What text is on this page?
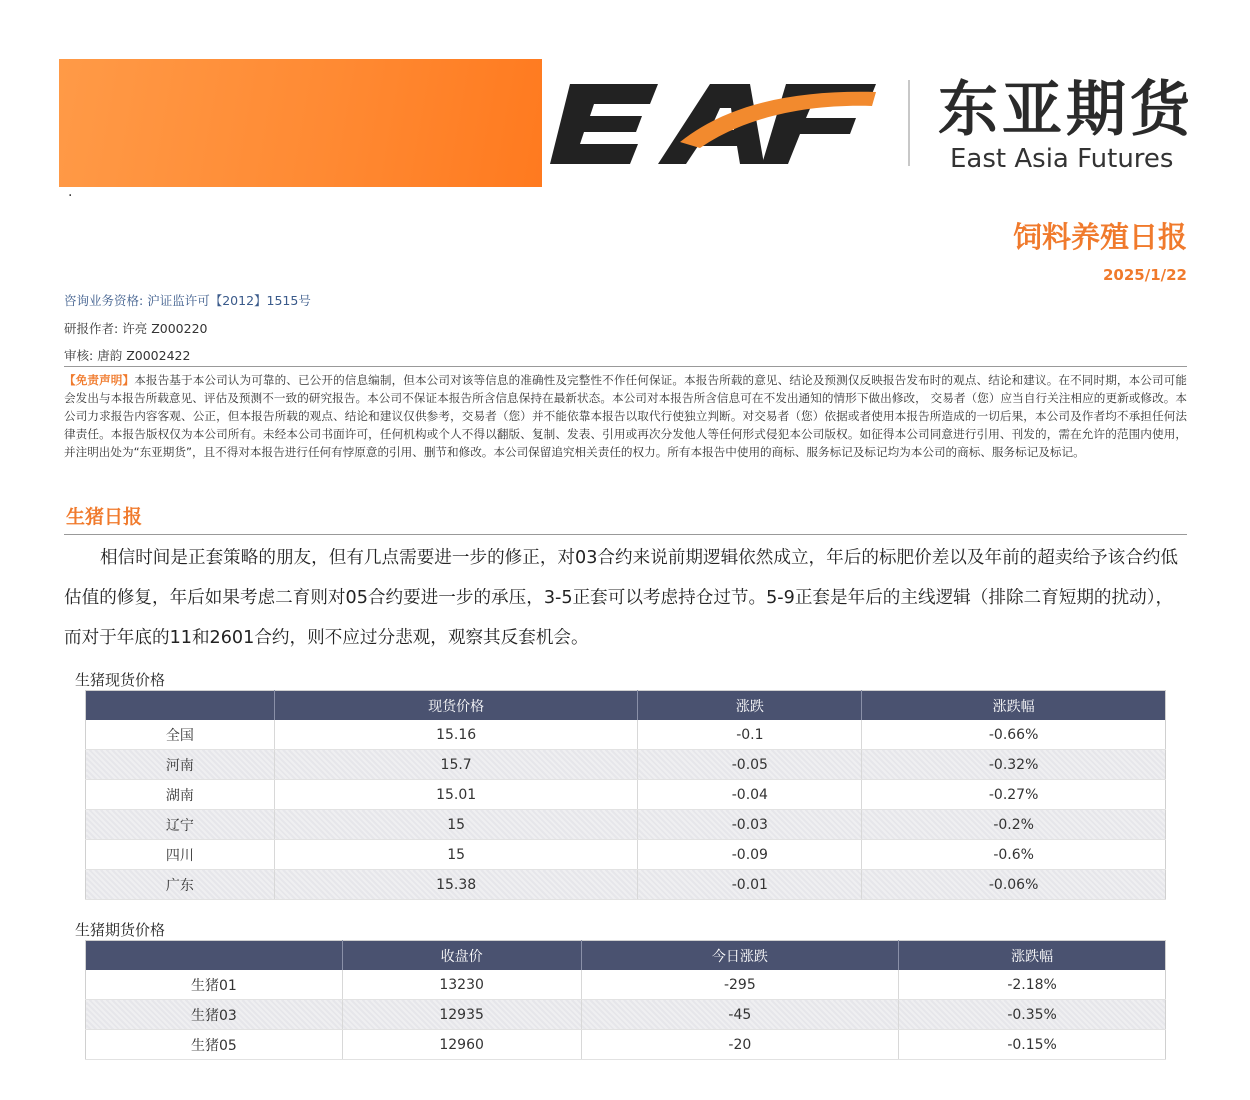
东亚期货
East Asia Futures
·
饲料养殖日报
2025/1/22
咨询业务资格: 沪证监许可【2012】1515号
研报作者: 许亮 Z000220
审核: 唐韵 Z0002422
【免责声明】本报告基于本公司认为可靠的、已公开的信息编制，但本公司对该等信息的准确性及完整性不作任何保证。本报告所载的意见、结论及预测仅反映报告发布时的观点、结论和建议。在不同时期，本公司可能会发出与本报告所载意见、评估及预测不一致的研究报告。本公司不保证本报告所含信息保持在最新状态。本公司对本报告所含信息可在不发出通知的情形下做出修改， 交易者（您）应当自行关注相应的更新或修改。本公司力求报告内容客观、公正，但本报告所载的观点、结论和建议仅供参考，交易者（您）并不能依靠本报告以取代行使独立判断。对交易者（您）依据或者使用本报告所造成的一切后果，本公司及作者均不承担任何法律责任。本报告版权仅为本公司所有。未经本公司书面许可，任何机构或个人不得以翻版、复制、发表、引用或再次分发他人等任何形式侵犯本公司版权。如征得本公司同意进行引用、刊发的，需在允许的范围内使用，并注明出处为“东亚期货”，且不得对本报告进行任何有悖原意的引用、删节和修改。本公司保留追究相关责任的权力。所有本报告中使用的商标、服务标记及标记均为本公司的商标、服务标记及标记。
生猪日报

相信时间是正套策略的朋友，但有几点需要进一步的修正，对03合约来说前期逻辑依然成立，年后的标肥价差以及年前的超卖给予该合约低估值的修复，年后如果考虑二育则对05合约要进一步的承压，3-5正套可以考虑持仓过节。5-9正套是年后的主线逻辑（排除二育短期的扰动），而对于年底的11和2601合约，则不应过分悲观，观察其反套机会。

生猪现货价格
	现货价格	涨跌	涨跌幅
全国	15.16	-0.1	-0.66%
河南	15.7	-0.05	-0.32%
湖南	15.01	-0.04	-0.27%
辽宁	15	-0.03	-0.2%
四川	15	-0.09	-0.6%
广东	15.38	-0.01	-0.06%
生猪期货价格
	收盘价	今日涨跌	涨跌幅
生猪01	13230	-295	-2.18%
生猪03	12935	-45	-0.35%
生猪05	12960	-20	-0.15%
